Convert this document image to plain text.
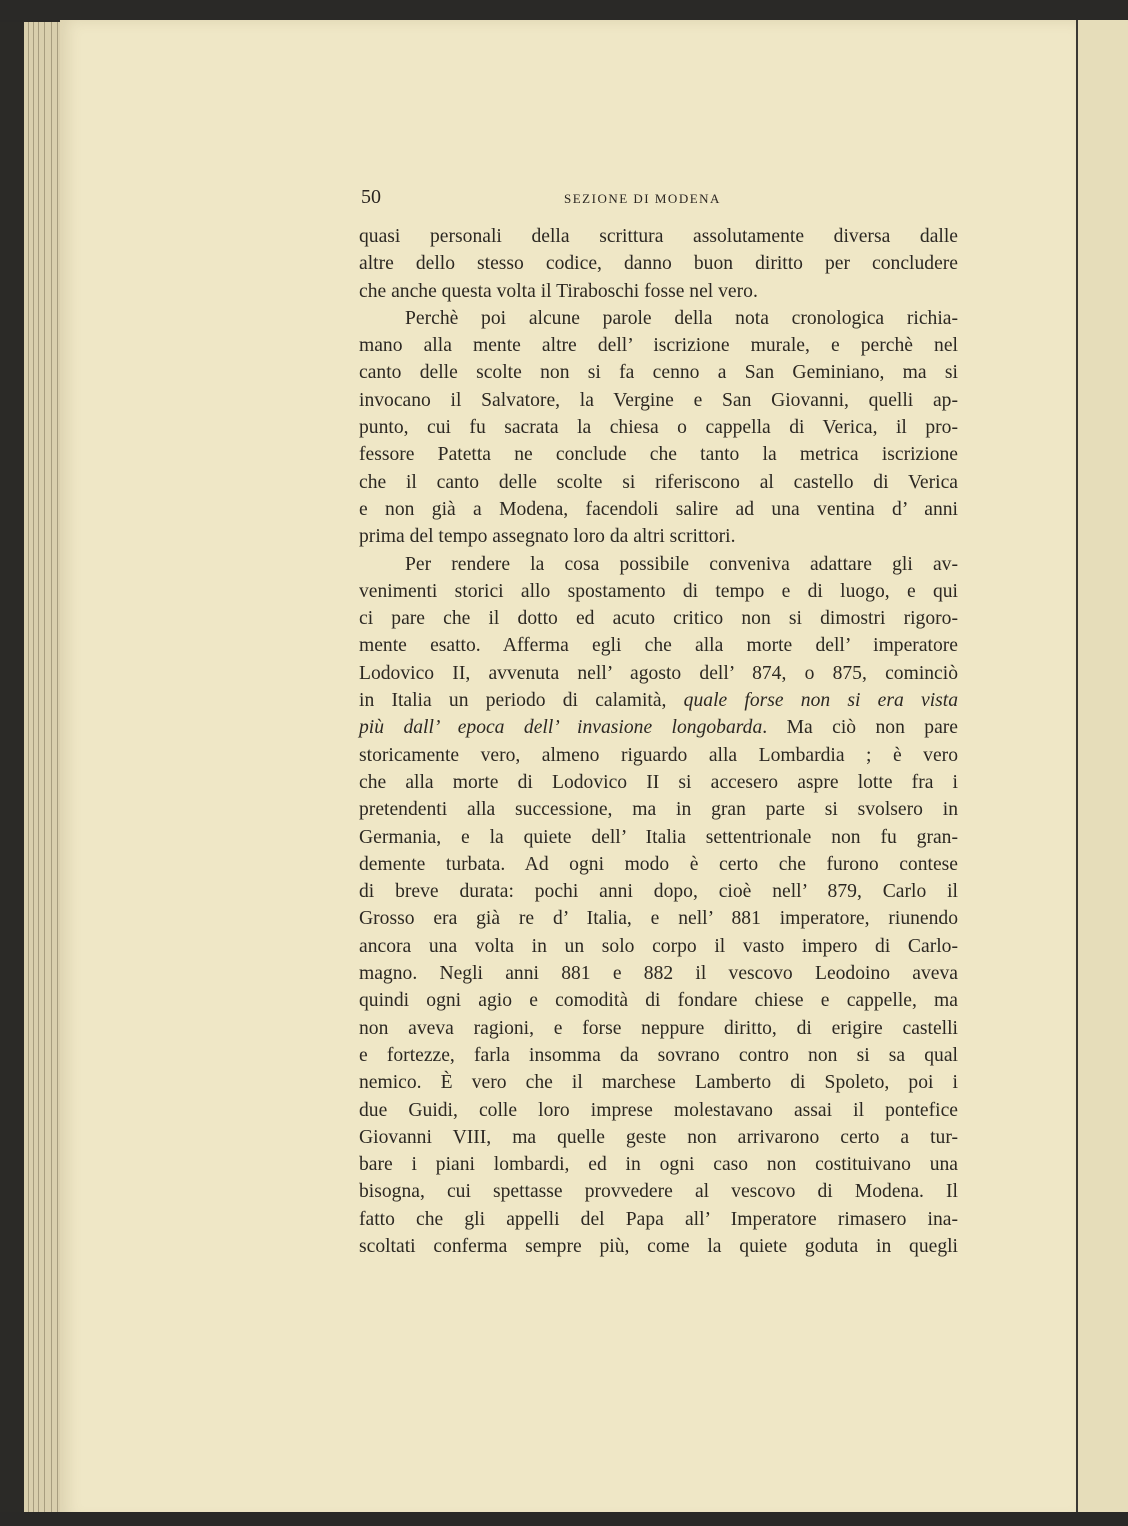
50	SEZIONE DI MODENA
quasi personali della scrittura assolutamente diversa dalle
altre dello stesso codice, danno buon diritto per concludere
che anche questa volta il Tiraboschi fosse nel vero.
Perchè poi alcune parole della nota cronologica richia-
mano alla mente altre dell’ iscrizione murale, e perchè nel
canto delle scolte non si fa cenno a San Geminiano, ma si
invocano il Salvatore, la Vergine e San Giovanni, quelli ap-
punto, cui fu sacrata la chiesa o cappella di Verica, il pro-
fessore Patetta ne conclude che tanto la metrica iscrizione
che il canto delle scolte si riferiscono al castello di Verica
e non già a Modena, facendoli salire ad una ventina d’ anni
prima del tempo assegnato loro da altri scrittori.
Per rendere la cosa possibile conveniva adattare gli av-
venimenti storici allo spostamento di tempo e di luogo, e qui
ci pare che il dotto ed acuto critico non si dimostri rigoro-
mente esatto. Afferma egli che alla morte dell’ imperatore
Lodovico II, avvenuta nell’ agosto dell’ 874, o 875, cominciò
in Italia un periodo di calamità, quale forse non si era vista
più dall’ epoca dell’ invasione longobarda. Ma ciò non pare
storicamente vero, almeno riguardo alla Lombardia ; è vero
che alla morte di Lodovico II si accesero aspre lotte fra i
pretendenti alla successione, ma in gran parte si svolsero in
Germania, e la quiete dell’ Italia settentrionale non fu gran-
demente turbata. Ad ogni modo è certo che furono contese
di breve durata: pochi anni dopo, cioè nell’ 879, Carlo il
Grosso era già re d’ Italia, e nell’ 881 imperatore, riunendo
ancora una volta in un solo corpo il vasto impero di Carlo-
magno. Negli anni 881 e 882 il vescovo Leodoino aveva
quindi ogni agio e comodità di fondare chiese e cappelle, ma
non aveva ragioni, e forse neppure diritto, di erigire castelli
e fortezze, farla insomma da sovrano contro non si sa qual
nemico. È vero che il marchese Lamberto di Spoleto, poi i
due Guidi, colle loro imprese molestavano assai il pontefice
Giovanni VIII, ma quelle geste non arrivarono certo a tur-
bare i piani lombardi, ed in ogni caso non costituivano una
bisogna, cui spettasse provvedere al vescovo di Modena. Il
fatto che gli appelli del Papa all’ Imperatore rimasero ina-
scoltati conferma sempre più, come la quiete goduta in quegli
